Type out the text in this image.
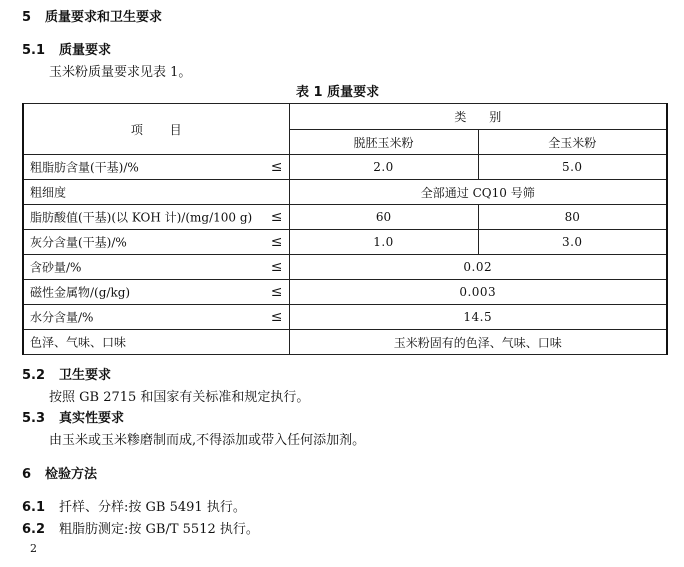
5 质量要求和卫生要求
5.1 质量要求
玉米粉质量要求见表 1。
表 1 质量要求
项       目	类      别	
	脱胚玉米粉	全玉米粉

粗脂肪含量(干基)/% ≤	2.0	5.0

粗细度	全部通过 CQ10 号筛	

脂肪酸值(干基)(以 KOH 计)/(mg/100 g) ≤	60	80

灰分含量(干基)/% ≤	1.0	3.0

含砂量/% ≤	0.02	

磁性金属物/(g/kg) ≤	0.003	

水分含量/% ≤	14.5	

色泽、气味、口味	玉米粉固有的色泽、气味、口味	
5.2 卫生要求
按照 GB 2715 和国家有关标准和规定执行。
5.3 真实性要求
由玉米或玉米糁磨制而成,不得添加或带入任何添加剂。
6 检验方法
6.1 扦样、分样:按 GB 5491 执行。
6.2 粗脂肪测定:按 GB/T 5512 执行。
2
